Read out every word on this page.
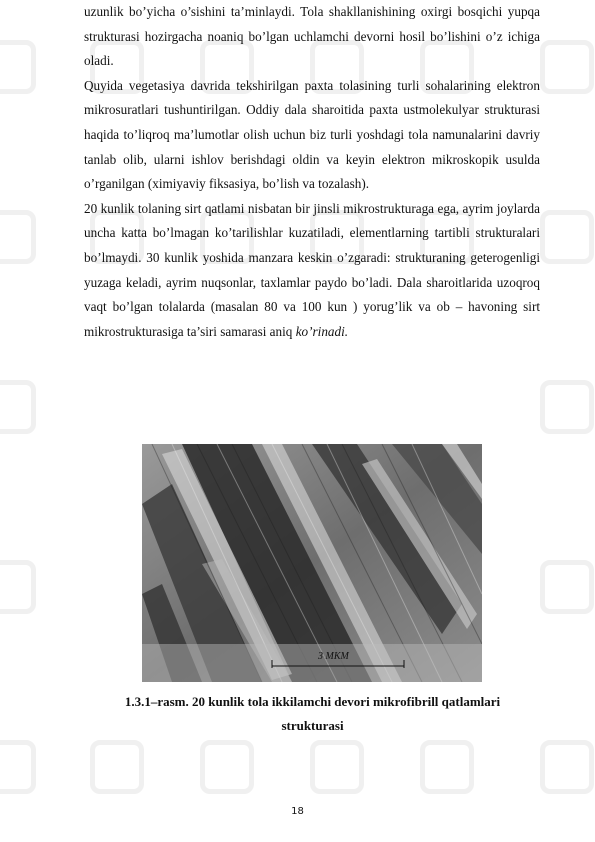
uzunlik bo’yicha o’sishini ta’minlaydi. Tola shakllanishining oxirgi bosqichi yupqa strukturasi hozirgacha noaniq bo’lgan uchlamchi devorni hosil bo’lishini o’z ichiga oladi.

Quyida vegetasiya davrida tekshirilgan paxta tolasining turli sohalarining elektron mikrosuratlari tushuntirilgan. Oddiy dala sharoitida paxta ustmolekulyar strukturasi haqida to’liqroq ma’lumotlar olish uchun biz turli yoshdagi tola namunalarini davriy tanlab olib, ularni ishlov berishdagi oldin va keyin elektron mikroskopik usulda o’rganilgan (ximiyaviy fiksasiya, bo’lish va tozalash).

20 kunlik tolaning sirt qatlami nisbatan bir jinsli mikrostrukturaga ega, ayrim joylarda uncha katta bo’lmagan ko’tarilishlar kuzatiladi, elementlarning tartibli strukturalari bo’lmaydi. 30 kunlik yoshida manzara keskin o’zgaradi: strukturaning geterogenligi yuzaga keladi, ayrim nuqsonlar, taxlamlar paydo bo’ladi. Dala sharoitlarida uzoqroq vaqt bo’lgan tolalarda (masalan 80 va 100 kun ) yorug’lik va ob – havoning sirt mikrostrukturasiga ta’siri samarasi aniq ko’rinadi.

3 MKM
1.3.1–rasm. 20 kunlik tola ikkilamchi devori mikrofibrill qatlamlari
strukturasi
18
